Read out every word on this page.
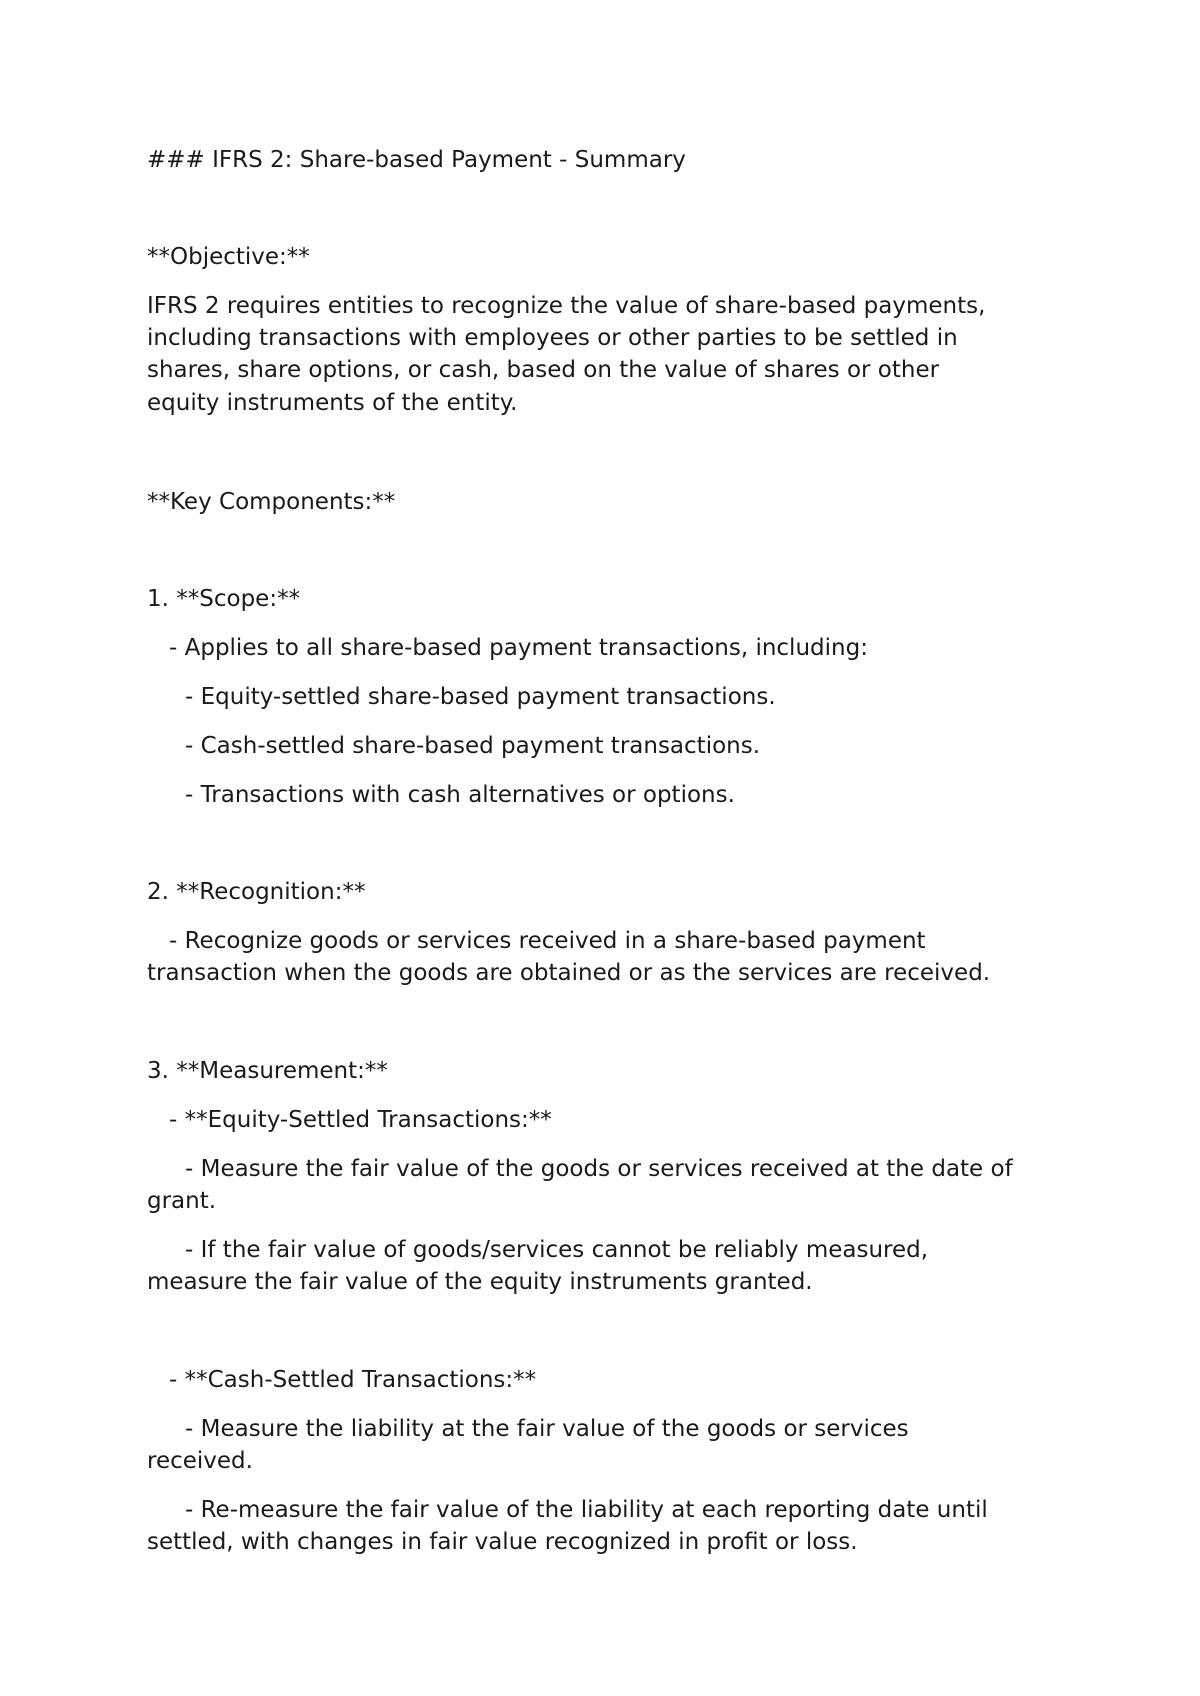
### IFRS 2: Share-based Payment - Summary

**Objective:**

IFRS 2 requires entities to recognize the value of share-based payments,

including transactions with employees or other parties to be settled in

shares, share options, or cash, based on the value of shares or other

equity instruments of the entity.

**Key Components:**

1. **Scope:**

- Applies to all share-based payment transactions, including:

- Equity-settled share-based payment transactions.

- Cash-settled share-based payment transactions.

- Transactions with cash alternatives or options.

2. **Recognition:**

- Recognize goods or services received in a share-based payment

transaction when the goods are obtained or as the services are received.

3. **Measurement:**

- **Equity-Settled Transactions:**

- Measure the fair value of the goods or services received at the date of

grant.

- If the fair value of goods/services cannot be reliably measured,

measure the fair value of the equity instruments granted.

- **Cash-Settled Transactions:**

- Measure the liability at the fair value of the goods or services

received.

- Re-measure the fair value of the liability at each reporting date until

settled, with changes in fair value recognized in profit or loss.
